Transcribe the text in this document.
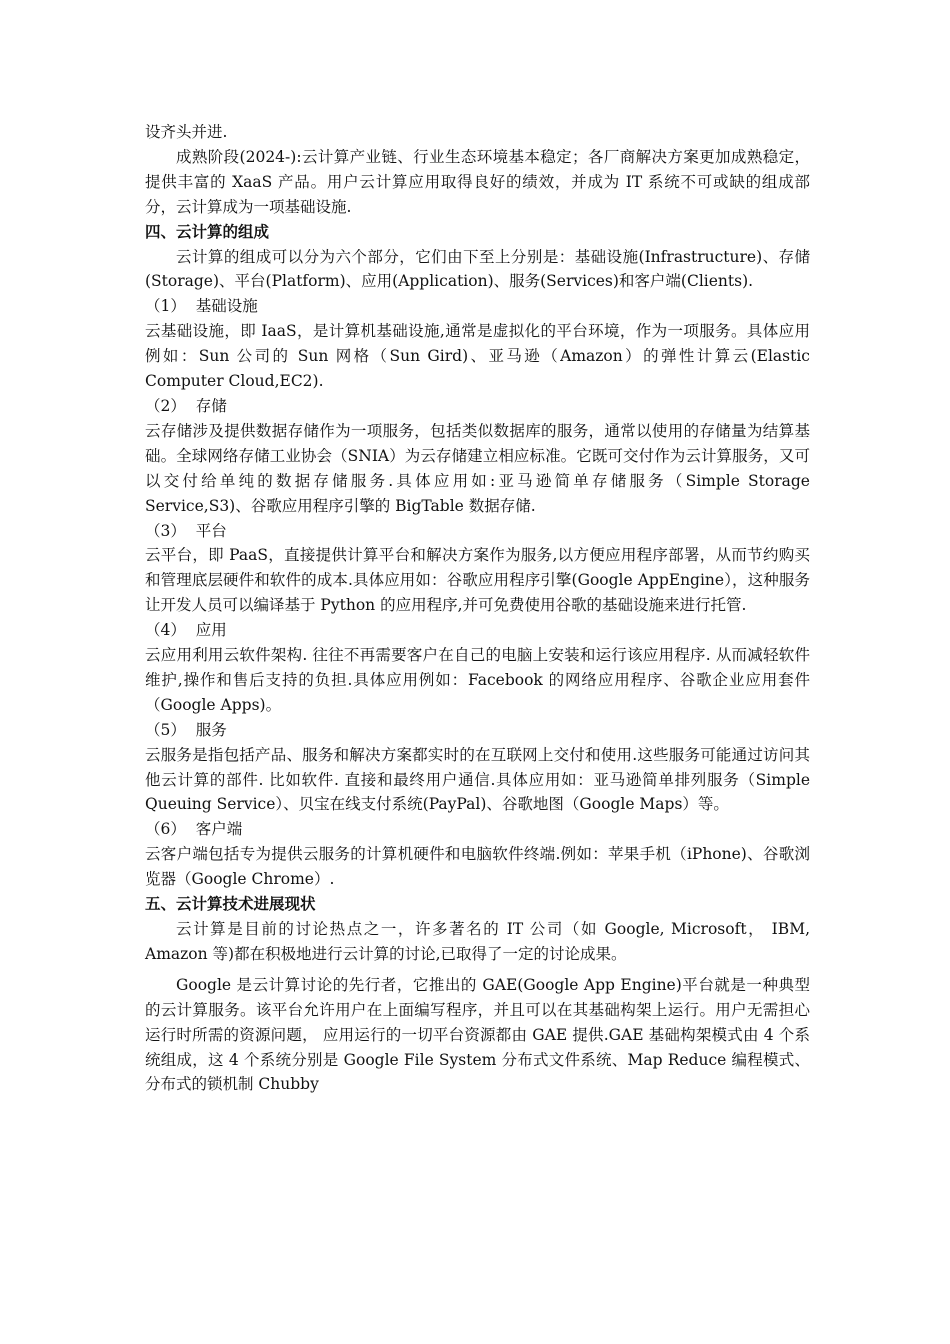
设齐头并进.

成熟阶段(2024-):云计算产业链、行业生态环境基本稳定；各厂商解决方案更加成熟稳定，提供丰富的 XaaS 产品。用户云计算应用取得良好的绩效，并成为 IT 系统不可或缺的组成部分，云计算成为一项基础设施.

四、云计算的组成

云计算的组成可以分为六个部分，它们由下至上分别是：基础设施(Infrastructure)、存储(Storage)、平台(Platform)、应用(Application)、服务(Services)和客户端(Clients).

（1）  基础设施

云基础设施，即 IaaS，是计算机基础设施,通常是虚拟化的平台环境，作为一项服务。具体应用例如：Sun 公司的 Sun 网格（Sun Gird)、亚马逊（Amazon）的弹性计算云(Elastic Computer Cloud,EC2).

（2）  存储

云存储涉及提供数据存储作为一项服务，包括类似数据库的服务，通常以使用的存储量为结算基础。全球网络存储工业协会（SNIA）为云存储建立相应标准。它既可交付作为云计算服务，又可以交付给单纯的数据存储服务.具体应用如:亚马逊简单存储服务（Simple Storage Service,S3)、谷歌应用程序引擎的 BigTable 数据存储.

（3）  平台

云平台，即 PaaS，直接提供计算平台和解决方案作为服务,以方便应用程序部署，从而节约购买和管理底层硬件和软件的成本.具体应用如：谷歌应用程序引擎(Google AppEngine），这种服务让开发人员可以编译基于 Python 的应用程序,并可免费使用谷歌的基础设施来进行托管.

（4）  应用

云应用利用云软件架构. 往往不再需要客户在自己的电脑上安装和运行该应用程序. 从而减轻软件维护,操作和售后支持的负担.具体应用例如：Facebook 的网络应用程序、谷歌企业应用套件（Google Apps)。

（5）  服务

云服务是指包括产品、服务和解决方案都实时的在互联网上交付和使用.这些服务可能通过访问其他云计算的部件. 比如软件. 直接和最终用户通信.具体应用如：亚马逊简单排列服务（Simple Queuing Service）、贝宝在线支付系统(PayPal)、谷歌地图（Google Maps）等。

（6）  客户端

云客户端包括专为提供云服务的计算机硬件和电脑软件终端.例如：苹果手机（iPhone)、谷歌浏览器（Google Chrome）.

五、云计算技术进展现状

云计算是目前的讨论热点之一，许多著名的 IT 公司（如 Google, Microsoft， IBM, Amazon 等)都在积极地进行云计算的讨论,已取得了一定的讨论成果。

Google 是云计算讨论的先行者，它推出的 GAE(Google App Engine)平台就是一种典型的云计算服务。该平台允许用户在上面编写程序，并且可以在其基础构架上运行。用户无需担心运行时所需的资源问题， 应用运行的一切平台资源都由 GAE 提供.GAE 基础构架模式由 4 个系统组成，这 4 个系统分别是 Google File System 分布式文件系统、Map Reduce 编程模式、分布式的锁机制 Chubby
